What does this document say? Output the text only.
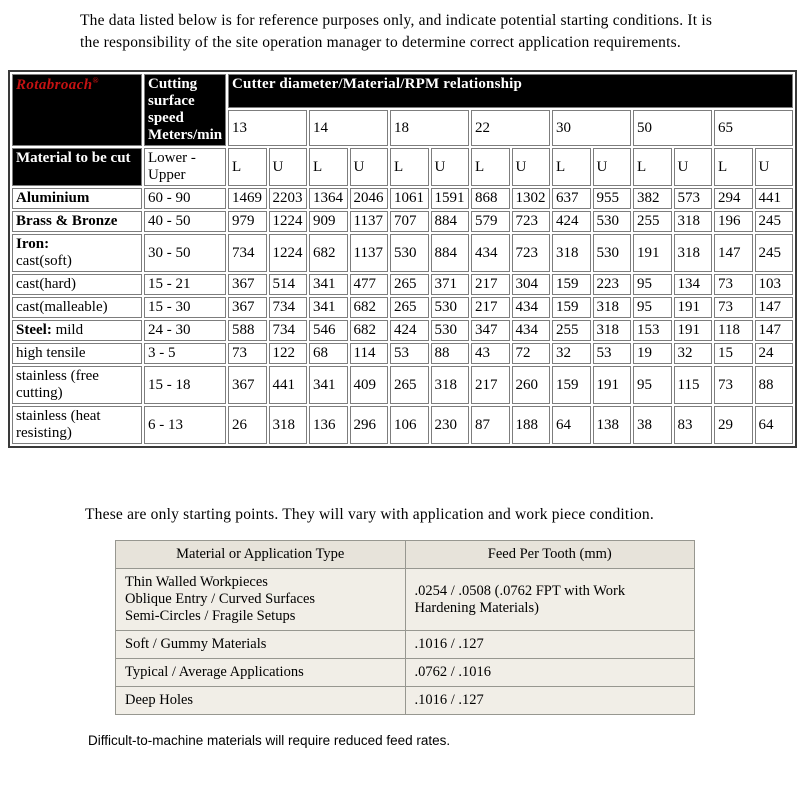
The data listed below is for reference purposes only, and indicate potential starting conditions. It is the responsibility of the site operation manager to determine correct application requirements.

Rotabroach®	Cutting surface speed Meters/min	Cutter diameter/Material/RPM relationship													
		13		14		18		22		30		50		65	
Material to be cut	Lower - Upper	L	U	L	U	L	U	L	U	L	U	L	U	L	U
Aluminium	60 - 90	1469	2203	1364	2046	1061	1591	868	1302	637	955	382	573	294	441
Brass & Bronze	40 - 50	979	1224	909	1137	707	884	579	723	424	530	255	318	196	245
Iron:
cast(soft)	30 - 50	734	1224	682	1137	530	884	434	723	318	530	191	318	147	245
cast(hard)	15 - 21	367	514	341	477	265	371	217	304	159	223	95	134	73	103
cast(malleable)	15 - 30	367	734	341	682	265	530	217	434	159	318	95	191	73	147
Steel: mild	24 - 30	588	734	546	682	424	530	347	434	255	318	153	191	118	147
high tensile	3 - 5	73	122	68	114	53	88	43	72	32	53	19	32	15	24
stainless (free cutting)	15 - 18	367	441	341	409	265	318	217	260	159	191	95	115	73	88
stainless (heat resisting)	6 - 13	26	318	136	296	106	230	87	188	64	138	38	83	29	64

These are only starting points. They will vary with application and work piece condition.

Material or Application Type	Feed Per Tooth (mm)
Thin Walled Workpieces
Oblique Entry / Curved Surfaces
Semi-Circles / Fragile Setups	.0254 / .0508 (.0762 FPT with Work Hardening Materials)
Soft / Gummy Materials	.1016 / .127
Typical / Average Applications	.0762 / .1016
Deep Holes	.1016 / .127

Difficult-to-machine materials will require reduced feed rates.
